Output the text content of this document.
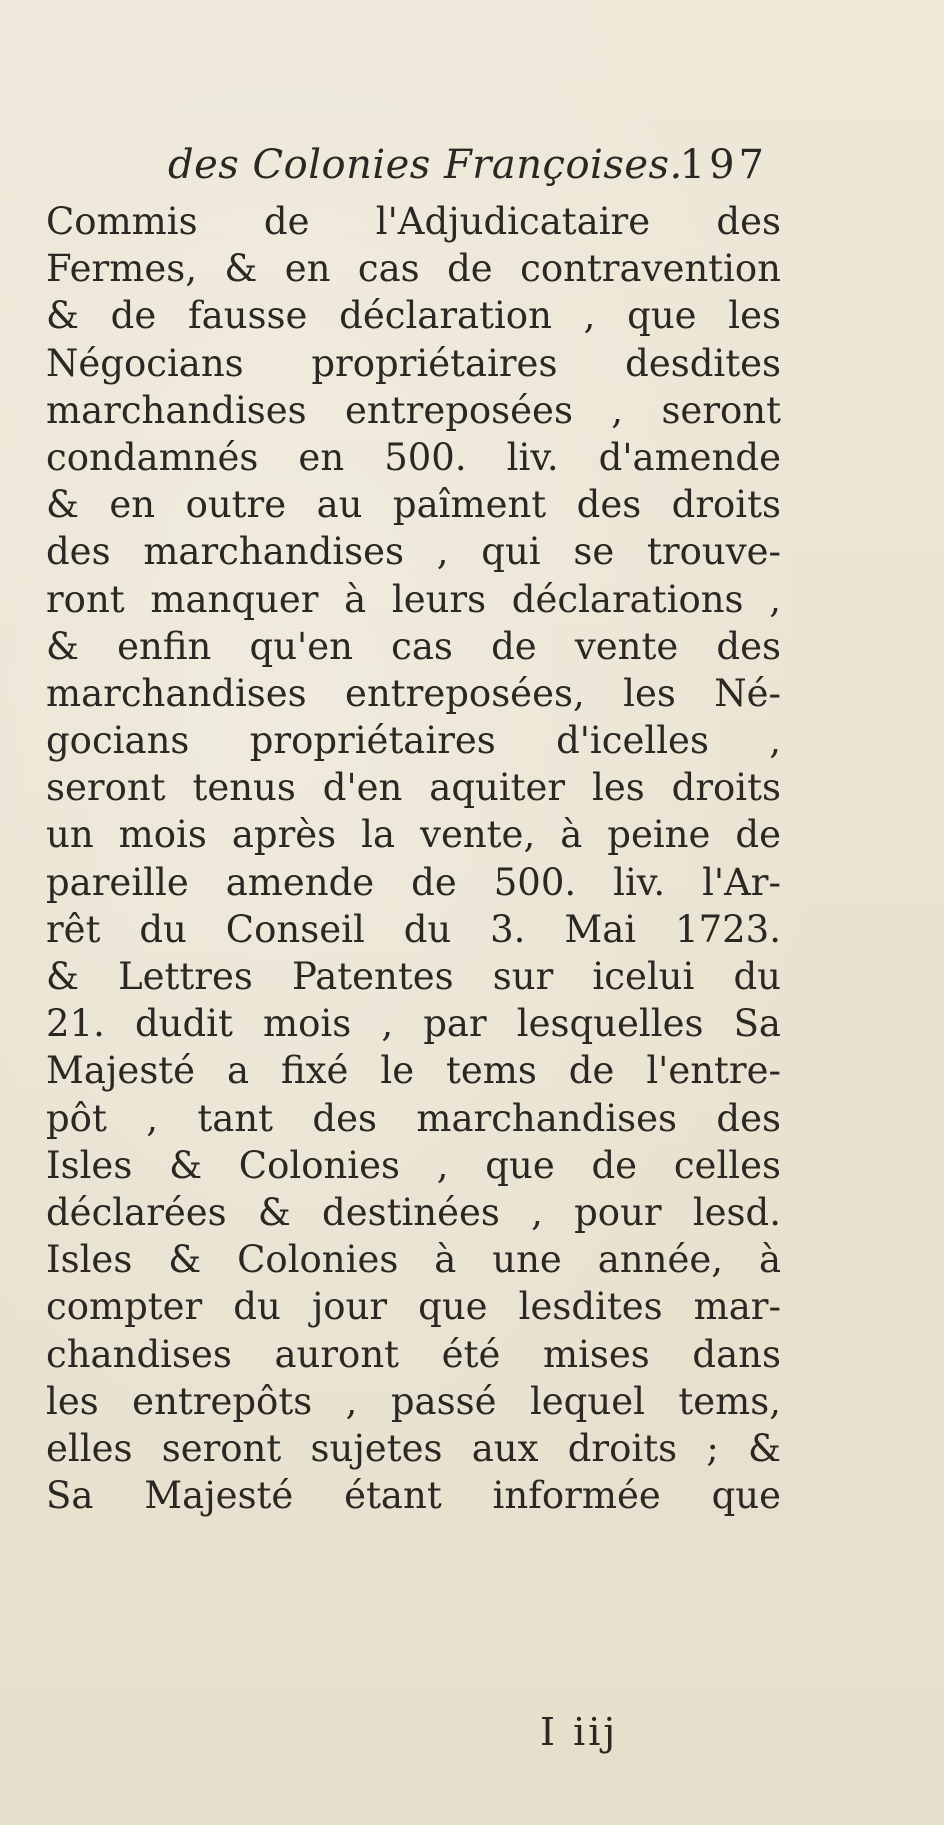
des Colonies Françoises.
197
Commis de l'Adjudicataire des
Fermes, & en cas de contravention
& de fausse déclaration , que les
Négocians propriétaires desdites
marchandises entreposées , seront
condamnés en 500. liv. d'amende
& en outre au paîment des droits
des marchandises , qui se trouve-
ront manquer à leurs déclarations ,
& enfin qu'en cas de vente des
marchandises entreposées, les Né-
gocians propriétaires d'icelles ,
seront tenus d'en aquiter les droits
un mois après la vente, à peine de
pareille amende de 500. liv. l'Ar-
rêt du Conseil du 3. Mai 1723.
& Lettres Patentes sur icelui du
21. dudit mois , par lesquelles Sa
Majesté a fixé le tems de l'entre-
pôt , tant des marchandises des
Isles & Colonies , que de celles
déclarées & destinées , pour lesd.
Isles & Colonies à une année, à
compter du jour que lesdites mar-
chandises auront été mises dans
les entrepôts , passé lequel tems,
elles seront sujetes aux droits ; &
Sa Majesté étant informée que
I iij
